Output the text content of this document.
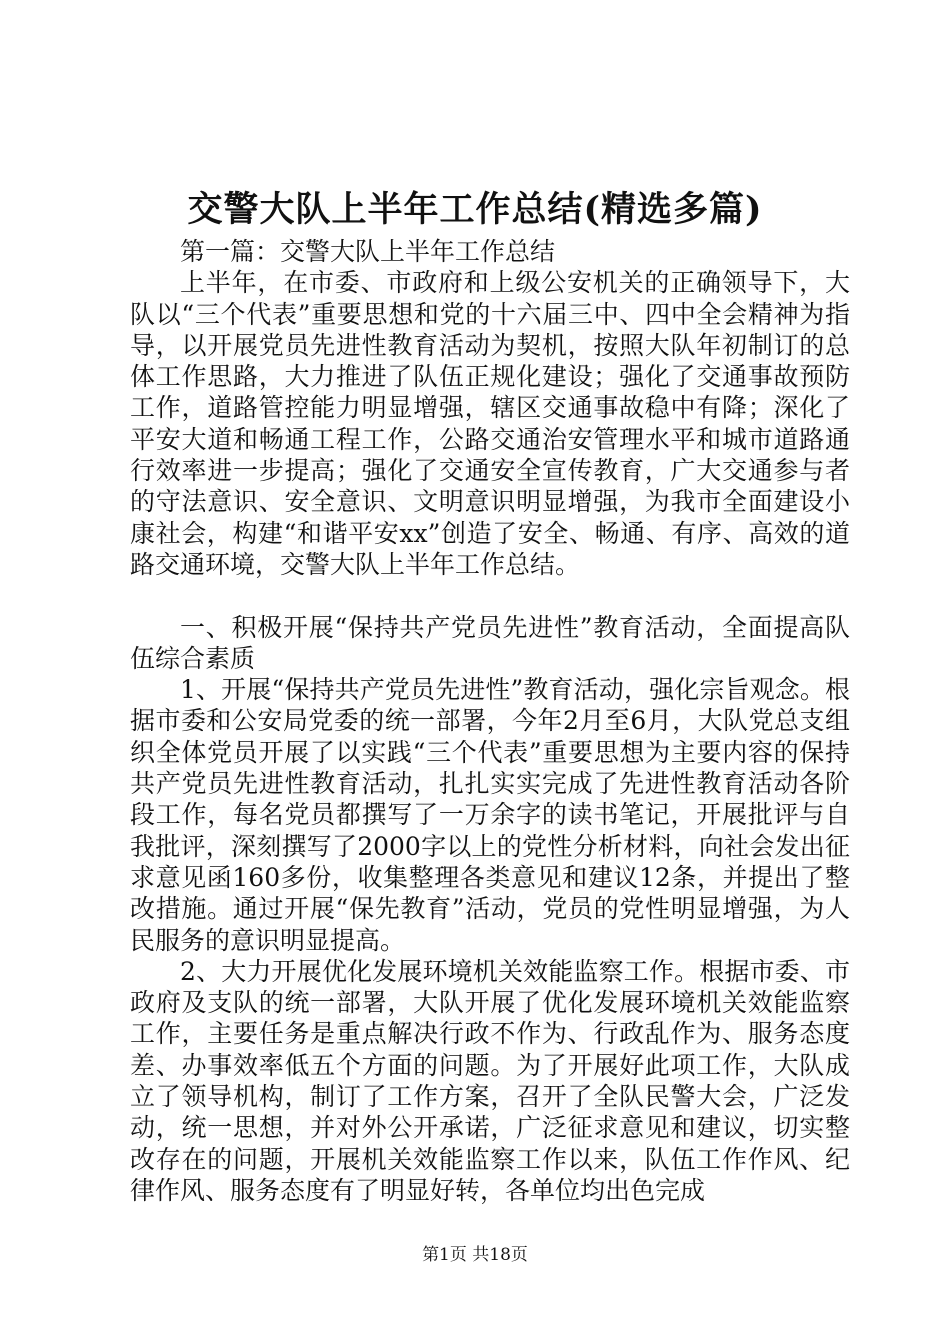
交警大队上半年工作总结(精选多篇)

第一篇：交警大队上半年工作总结

上半年，在市委、市政府和上级公安机关的正确领导下，大队以“三个代表”重要思想和党的十六届三中、四中全会精神为指导，以开展党员先进性教育活动为契机，按照大队年初制订的总体工作思路，大力推进了队伍正规化建设；强化了交通事故预防工作，道路管控能力明显增强，辖区交通事故稳中有降；深化了平安大道和畅通工程工作，公路交通治安管理水平和城市道路通行效率进一步提高；强化了交通安全宣传教育，广大交通参与者的守法意识、安全意识、文明意识明显增强，为我市全面建设小康社会，构建“和谐平安xx”创造了安全、畅通、有序、高效的道路交通环境，交警大队上半年工作总结。

一、积极开展“保持共产党员先进性”教育活动，全面提高队伍综合素质

1、开展“保持共产党员先进性”教育活动，强化宗旨观念。根据市委和公安局党委的统一部署，今年2月至6月，大队党总支组织全体党员开展了以实践“三个代表”重要思想为主要内容的保持共产党员先进性教育活动，扎扎实实完成了先进性教育活动各阶段工作，每名党员都撰写了一万余字的读书笔记，开展批评与自我批评，深刻撰写了2000字以上的党性分析材料，向社会发出征求意见函160多份，收集整理各类意见和建议12条，并提出了整改措施。通过开展“保先教育”活动，党员的党性明显增强，为人民服务的意识明显提高。

2、大力开展优化发展环境机关效能监察工作。根据市委、市政府及支队的统一部署，大队开展了优化发展环境机关效能监察工作，主要任务是重点解决行政不作为、行政乱作为、服务态度差、办事效率低五个方面的问题。为了开展好此项工作，大队成立了领导机构，制订了工作方案，召开了全队民警大会，广泛发动，统一思想，并对外公开承诺，广泛征求意见和建议，切实整改存在的问题，开展机关效能监察工作以来，队伍工作作风、纪律作风、服务态度有了明显好转，各单位均出色完成

第1页 共18页
